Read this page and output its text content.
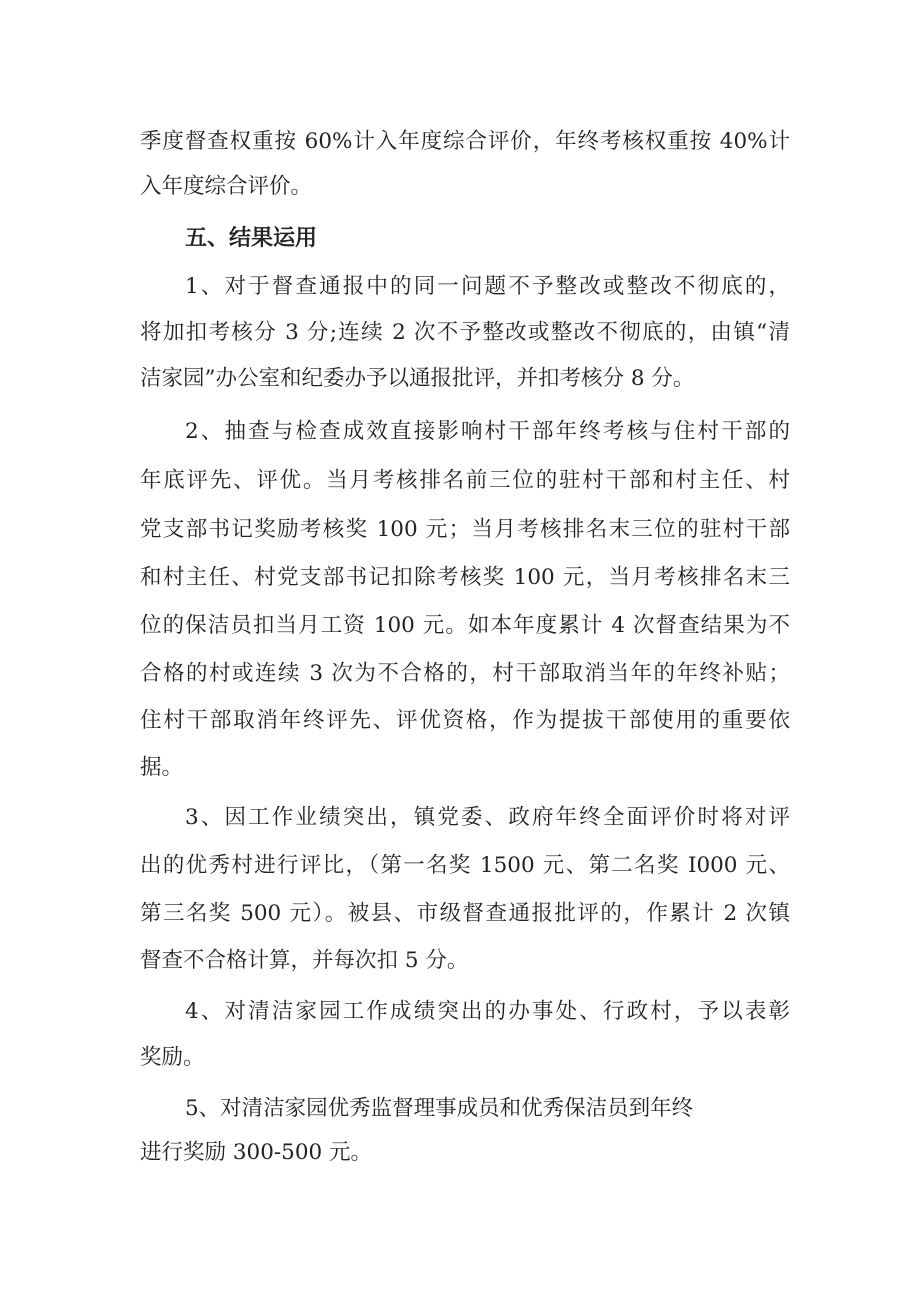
季度督查权重按 60%计入年度综合评价，年终考核权重按 40%计
入年度综合评价。
五、结果运用
1、对于督查通报中的同一问题不予整改或整改不彻底的，
将加扣考核分 3 分;连续 2 次不予整改或整改不彻底的，由镇“清
洁家园”办公室和纪委办予以通报批评，并扣考核分 8 分。
2、抽查与检查成效直接影响村干部年终考核与住村干部的
年底评先、评优。当月考核排名前三位的驻村干部和村主任、村
党支部书记奖励考核奖 100 元；当月考核排名末三位的驻村干部
和村主任、村党支部书记扣除考核奖 100 元，当月考核排名末三
位的保洁员扣当月工资 100 元。如本年度累计 4 次督查结果为不
合格的村或连续 3 次为不合格的，村干部取消当年的年终补贴；
住村干部取消年终评先、评优资格，作为提拔干部使用的重要依
据。
3、因工作业绩突出，镇党委、政府年终全面评价时将对评
出的优秀村进行评比，（第一名奖 1500 元、第二名奖 I000 元、
第三名奖 500 元）。被县、市级督查通报批评的，作累计 2 次镇
督查不合格计算，并每次扣 5 分。
4、对清洁家园工作成绩突出的办事处、行政村，予以表彰
奖励。
5、对清洁家园优秀监督理事成员和优秀保洁员到年终
进行奖励 300-500 元。
